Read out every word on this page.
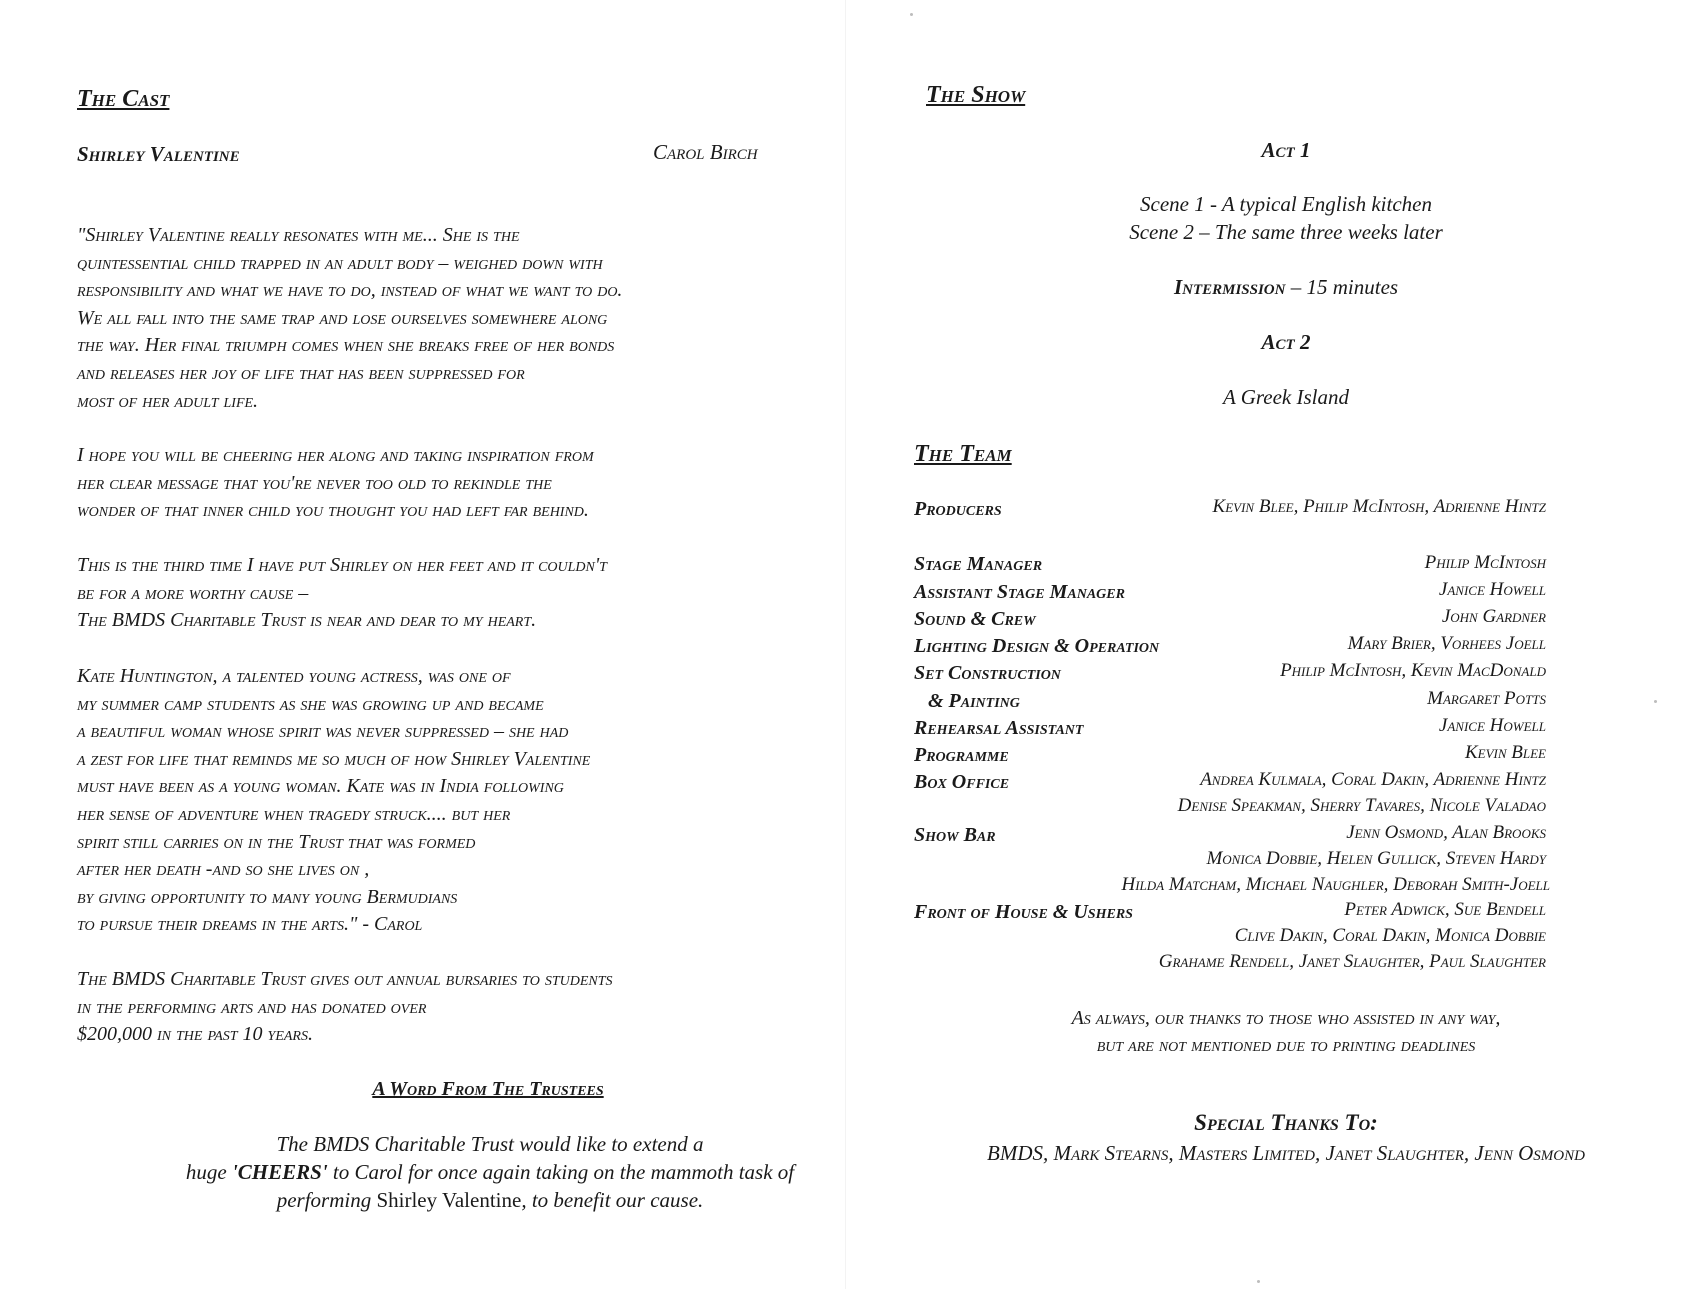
The Cast
Shirley Valentine	Carol Birch

"Shirley Valentine really resonates with me... She is the
quintessential child trapped in an adult body – weighed down with
responsibility and what we have to do, instead of what we want to do.
We all fall into the same trap and lose ourselves somewhere along
the way. Her final triumph comes when she breaks free of her bonds
and releases her joy of life that has been suppressed for
most of her adult life.

I hope you will be cheering her along and taking inspiration from
her clear message that you're never too old to rekindle the
wonder of that inner child you thought you had left far behind.

This is the third time I have put Shirley on her feet and it couldn't
be for a more worthy cause –
The BMDS Charitable Trust is near and dear to my heart.

Kate Huntington, a talented young actress, was one of
my summer camp students as she was growing up and became
a beautiful woman whose spirit was never suppressed – she had
a zest for life that reminds me so much of how Shirley Valentine
must have been as a young woman. Kate was in India following
her sense of adventure when tragedy struck.... but her
spirit still carries on in the Trust that was formed
after her death -and so she lives on ,
by giving opportunity to many young Bermudians
to pursue their dreams in the arts." - Carol

The BMDS Charitable Trust gives out annual bursaries to students
in the performing arts and has donated over
$200,000 in the past 10 years.

A Word From The Trustees
The BMDS Charitable Trust would like to extend a
huge 'CHEERS' to Carol for once again taking on the mammoth task of
performing Shirley Valentine, to benefit our cause.
The Show
Act 1
Scene 1 - A typical English kitchen
Scene 2 – The same three weeks later
Intermission – 15 minutes
Act 2
A Greek Island
The Team
Producers	Kevin Blee, Philip McIntosh, Adrienne Hintz
Stage Manager	Philip McIntosh
Assistant Stage Manager	Janice Howell
Sound & Crew	John Gardner
Lighting Design & Operation	Mary Brier, Vorhees Joell
Set Construction	Philip McIntosh, Kevin MacDonald
& Painting	Margaret Potts
Rehearsal Assistant	Janice Howell
Programme	Kevin Blee
Box Office	Andrea Kulmala, Coral Dakin, Adrienne Hintz
Denise Speakman, Sherry Tavares, Nicole Valadao
Show Bar	Jenn Osmond, Alan Brooks
Monica Dobbie, Helen Gullick, Steven Hardy
Hilda Matcham, Michael Naughler, Deborah Smith-Joell
Front of House & Ushers	Peter Adwick, Sue Bendell
Clive Dakin, Coral Dakin, Monica Dobbie
Grahame Rendell, Janet Slaughter, Paul Slaughter
As always, our thanks to those who assisted in any way,
but are not mentioned due to printing deadlines
Special Thanks To:
BMDS, Mark Stearns, Masters Limited, Janet Slaughter, Jenn Osmond
